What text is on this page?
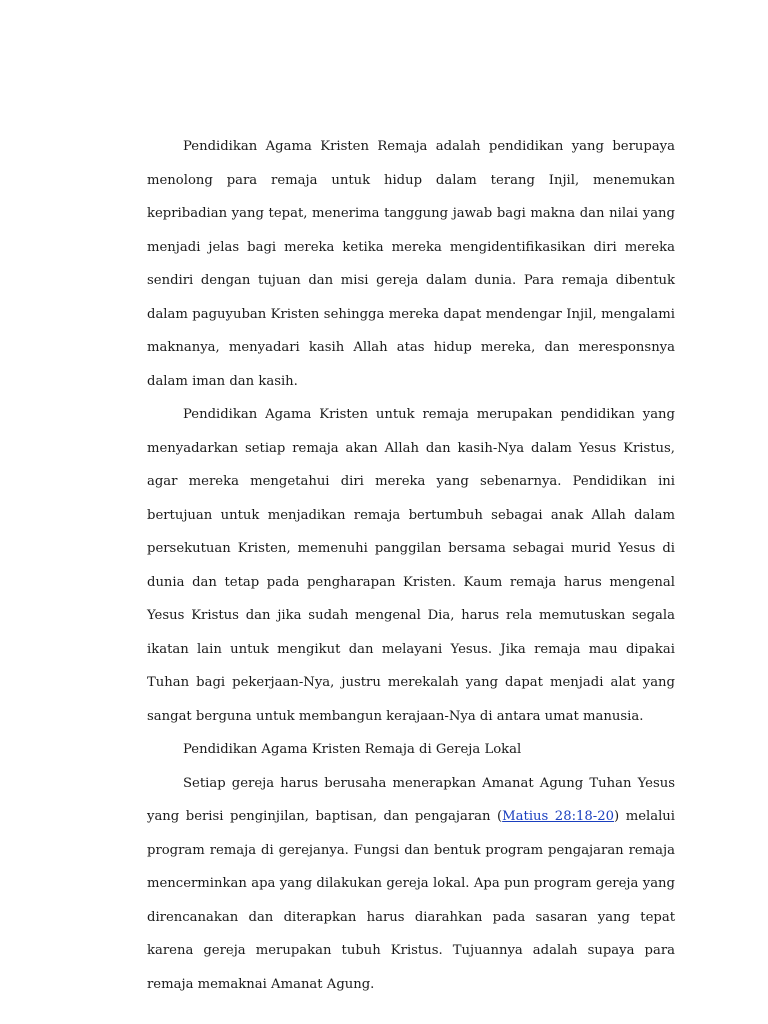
Pendidikan Agama Kristen Remaja adalah pendidikan yang berupaya menolong para remaja untuk hidup dalam terang Injil, menemukan kepribadian yang tepat, menerima tanggung jawab bagi makna dan nilai yang menjadi jelas bagi mereka ketika mereka mengidentifikasikan diri mereka sendiri dengan tujuan dan misi gereja dalam dunia. Para remaja dibentuk dalam paguyuban Kristen sehingga mereka dapat mendengar Injil, mengalami maknanya, menyadari kasih Allah atas hidup mereka, dan meresponsnya dalam iman dan kasih.

Pendidikan Agama Kristen untuk remaja merupakan pendidikan yang menyadarkan setiap remaja akan Allah dan kasih-Nya dalam Yesus Kristus, agar mereka mengetahui diri mereka yang sebenarnya. Pendidikan ini bertujuan untuk menjadikan remaja bertumbuh sebagai anak Allah dalam persekutuan Kristen, memenuhi panggilan bersama sebagai murid Yesus di dunia dan tetap pada pengharapan Kristen. Kaum remaja harus mengenal Yesus Kristus dan jika sudah mengenal Dia, harus rela memutuskan segala ikatan lain untuk mengikut dan melayani Yesus. Jika remaja mau dipakai Tuhan bagi pekerjaan-Nya, justru merekalah yang dapat menjadi alat yang sangat berguna untuk membangun kerajaan-Nya di antara umat manusia.

Pendidikan Agama Kristen Remaja di Gereja Lokal

Setiap gereja harus berusaha menerapkan Amanat Agung Tuhan Yesus yang berisi penginjilan, baptisan, dan pengajaran (Matius 28:18-20) melalui program remaja di gerejanya. Fungsi dan bentuk program pengajaran remaja mencerminkan apa yang dilakukan gereja lokal. Apa pun program gereja yang direncanakan dan diterapkan harus diarahkan pada sasaran yang tepat karena gereja merupakan tubuh Kristus. Tujuannya adalah supaya para remaja memaknai Amanat Agung.
